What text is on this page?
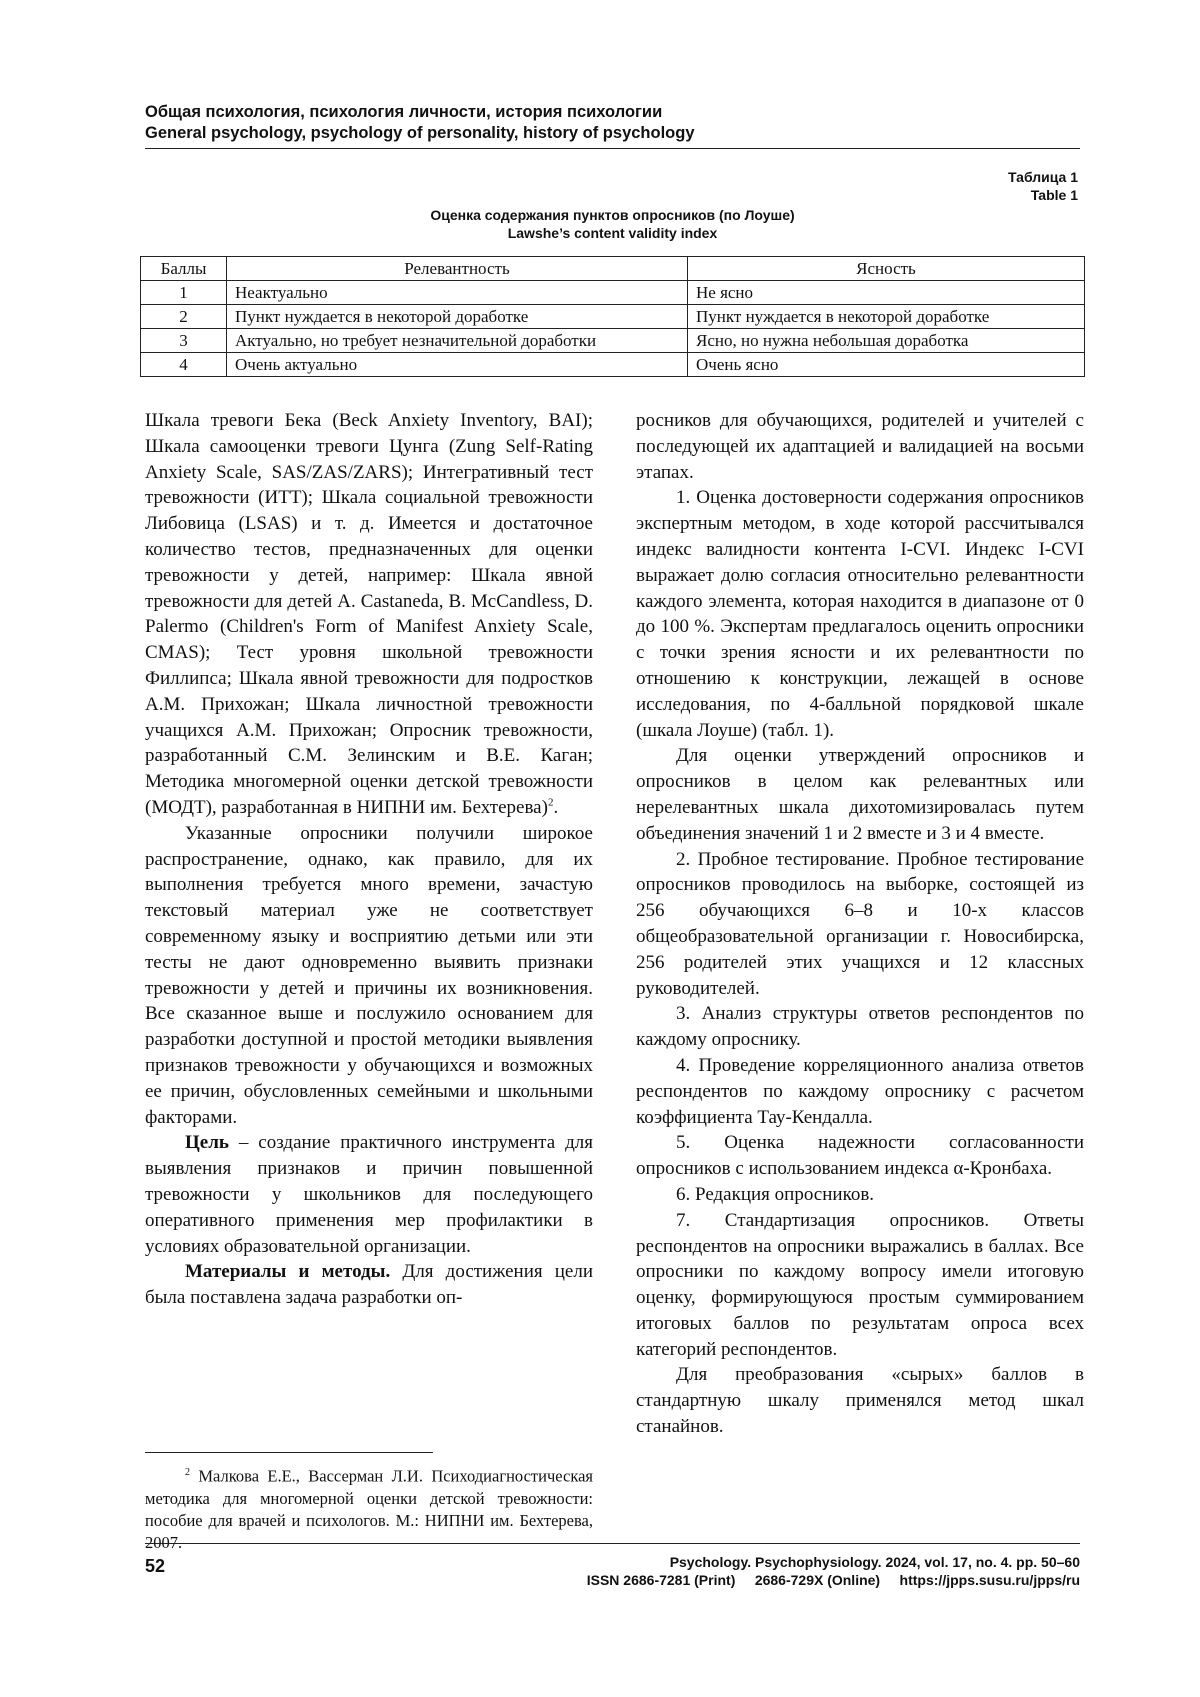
Общая психология, психология личности, история психологии
General psychology, psychology of personality, history of psychology
Таблица 1
Table 1
Оценка содержания пунктов опросников (по Лоуше)
Lawshe’s content validity index
Баллы	Релевантность	Ясность
1	Неактуально	Не ясно
2	Пункт нуждается в некоторой доработке	Пункт нуждается в некоторой доработке
3	Актуально, но требует незначительной доработки	Ясно, но нужна небольшая доработка
4	Очень актуально	Очень ясно

Шкала тревоги Бека (Beck Anxiety Inventory, BAI); Шкала самооценки тревоги Цунга (Zung Self-Rating Anxiety Scale, SAS/ZAS/ZARS); Интегративный тест тревожности (ИТТ); Шкала социальной тревожности Либовица (LSAS) и т. д. Имеется и достаточное количество тестов, предназначенных для оценки тревожности у детей, например: Шкала явной тревожности для детей A. Castaneda, B. McCandless, D. Palermo (Children's Form of Manifest Anxiety Scale, CMAS); Тест уровня школьной тревожности Филлипса; Шкала явной тревожности для подростков А.М. Прихожан; Шкала личностной тревожности учащихся А.М. Прихожан; Опросник тревожности, разработанный С.М. Зелинским и В.Е. Каган; Методика многомерной оценки детской тревожности (МОДТ), разработанная в НИПНИ им. Бехтерева)$^2$.

Указанные опросники получили широкое распространение, однако, как правило, для их выполнения требуется много времени, зачастую текстовый материал уже не соответствует современному языку и восприятию детьми или эти тесты не дают одновременно выявить признаки тревожности у детей и причины их возникновения. Все сказанное выше и послужило основанием для разработки доступной и простой методики выявления признаков тревожности у обучающихся и возможных ее причин, обусловленных семейными и школьными факторами.

Цель – создание практичного инструмента для выявления признаков и причин повышенной тревожности у школьников для последующего оперативного применения мер профилактики в условиях образовательной организации.

Материалы и методы. Для достижения цели была поставлена задача разработки оп-

$^2$ Малкова Е.Е., Вассерман Л.И. Психодиагностическая методика для многомерной оценки детской тревожности: пособие для врачей и психологов. М.: НИПНИ им. Бехтерева, 2007.

росников для обучающихся, родителей и учителей с последующей их адаптацией и валидацией на восьми этапах.

1. Оценка достоверности содержания опросников экспертным методом, в ходе которой рассчитывался индекс валидности контента I-CVI. Индекс I-CVI выражает долю согласия относительно релевантности каждого элемента, которая находится в диапазоне от 0 до 100 %. Экспертам предлагалось оценить опросники с точки зрения ясности и их релевантности по отношению к конструкции, лежащей в основе исследования, по 4-балльной порядковой шкале (шкала Лоуше) (табл. 1).

Для оценки утверждений опросников и опросников в целом как релевантных или нерелевантных шкала дихотомизировалась путем объединения значений 1 и 2 вместе и 3 и 4 вместе.

2. Пробное тестирование. Пробное тестирование опросников проводилось на выборке, состоящей из 256 обучающихся 6–8 и 10-х классов общеобразовательной организации г. Новосибирска, 256 родителей этих учащихся и 12 классных руководителей.

3. Анализ структуры ответов респондентов по каждому опроснику.

4. Проведение корреляционного анализа ответов респондентов по каждому опроснику с расчетом коэффициента Тау-Кендалла.

5. Оценка надежности согласованности опросников с использованием индекса α-Кронбаха.

6. Редакция опросников.

7. Стандартизация опросников. Ответы респондентов на опросники выражались в баллах. Все опросники по каждому вопросу имели итоговую оценку, формирующуюся простым суммированием итоговых баллов по результатам опроса всех категорий респондентов.

Для преобразования «сырых» баллов в стандартную шкалу применялся метод шкал станайнов.

52	Psychology. Psychophysiology. 2024, vol. 17, no. 4. pp. 50–60
ISSN 2686-7281 (Print) 2686-729X (Online) https://jpps.susu.ru/jpps/ru
